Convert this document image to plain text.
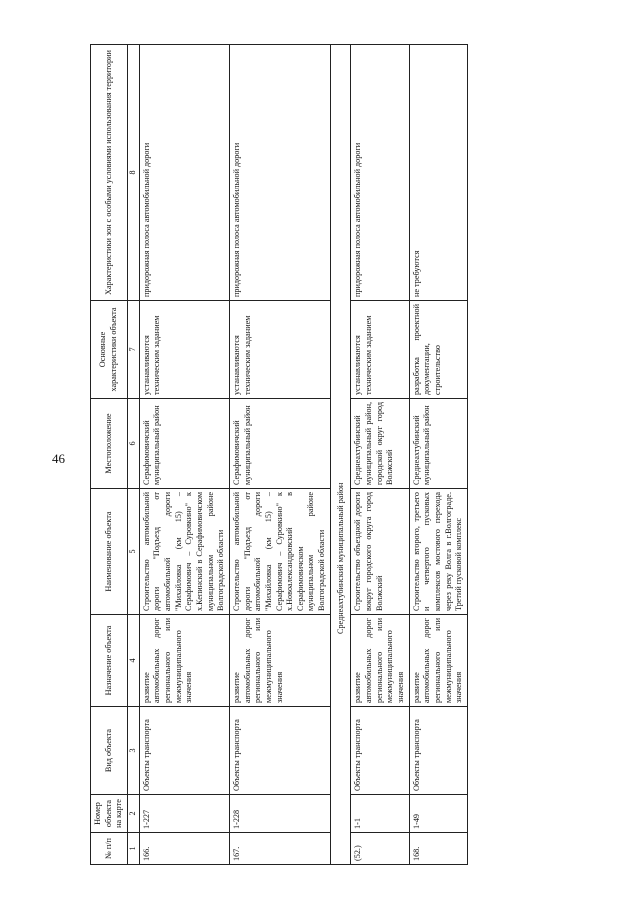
46
№ п/п	Номер объекта на карте	Вид объекта	Назначение объекта	Наименование объекта	Местоположение	Основные характеристики объекта	Характеристики зон с особыми условиями использования территории
1	2	3	4	5	6	7	8
166.	1-227	Объекты транспорта	развитие автомобильных дорог регионального или межмуниципального значения	Строительство автомобильной дороги "Подъезд от автомобильной дороги "Михайловка (км 15) – Серафимович – Суровкино" к х.Кепинский в Серафимовичском муниципальном районе Волгоградской области	Серафимовичский муниципальный район	устанавливаются техническим заданием	придорожная полоса автомобильной дороги
167.	1-228	Объекты транспорта	развитие автомобильных дорог регионального или межмуниципального значения	Строительство автомобильной дороги "Подъезд от автомобильной дороги "Михайловка (км 15) – Серафимович – Суровкино" к х.Новоалександровский в Серафимовичском муниципальном районе Волгоградской области	Серафимовичский муниципальный район	устанавливаются техническим заданием	придорожная полоса автомобильной дороги
Среднеахтубинский муниципальный район							
(52.)	1-1	Объекты транспорта	развитие автомобильных дорог регионального или межмуниципального значения	Строительство объездной дороги вокруг городского округа город Волжский	Среднеахтубинский муниципальный район, городской округ город Волжский	устанавливаются техническим заданием	придорожная полоса автомобильной дороги
168.	1-49	Объекты транспорта	развитие автомобильных дорог регионального или межмуниципального значения	Строительство второго, третьего и четвертого пусковых комплексов мостового перехода через реку Волга в г.Волгограде. Третий пусковой комплекс	Среднеахтубинский муниципальный район	разработка проектной документации, строительство	не требуются
